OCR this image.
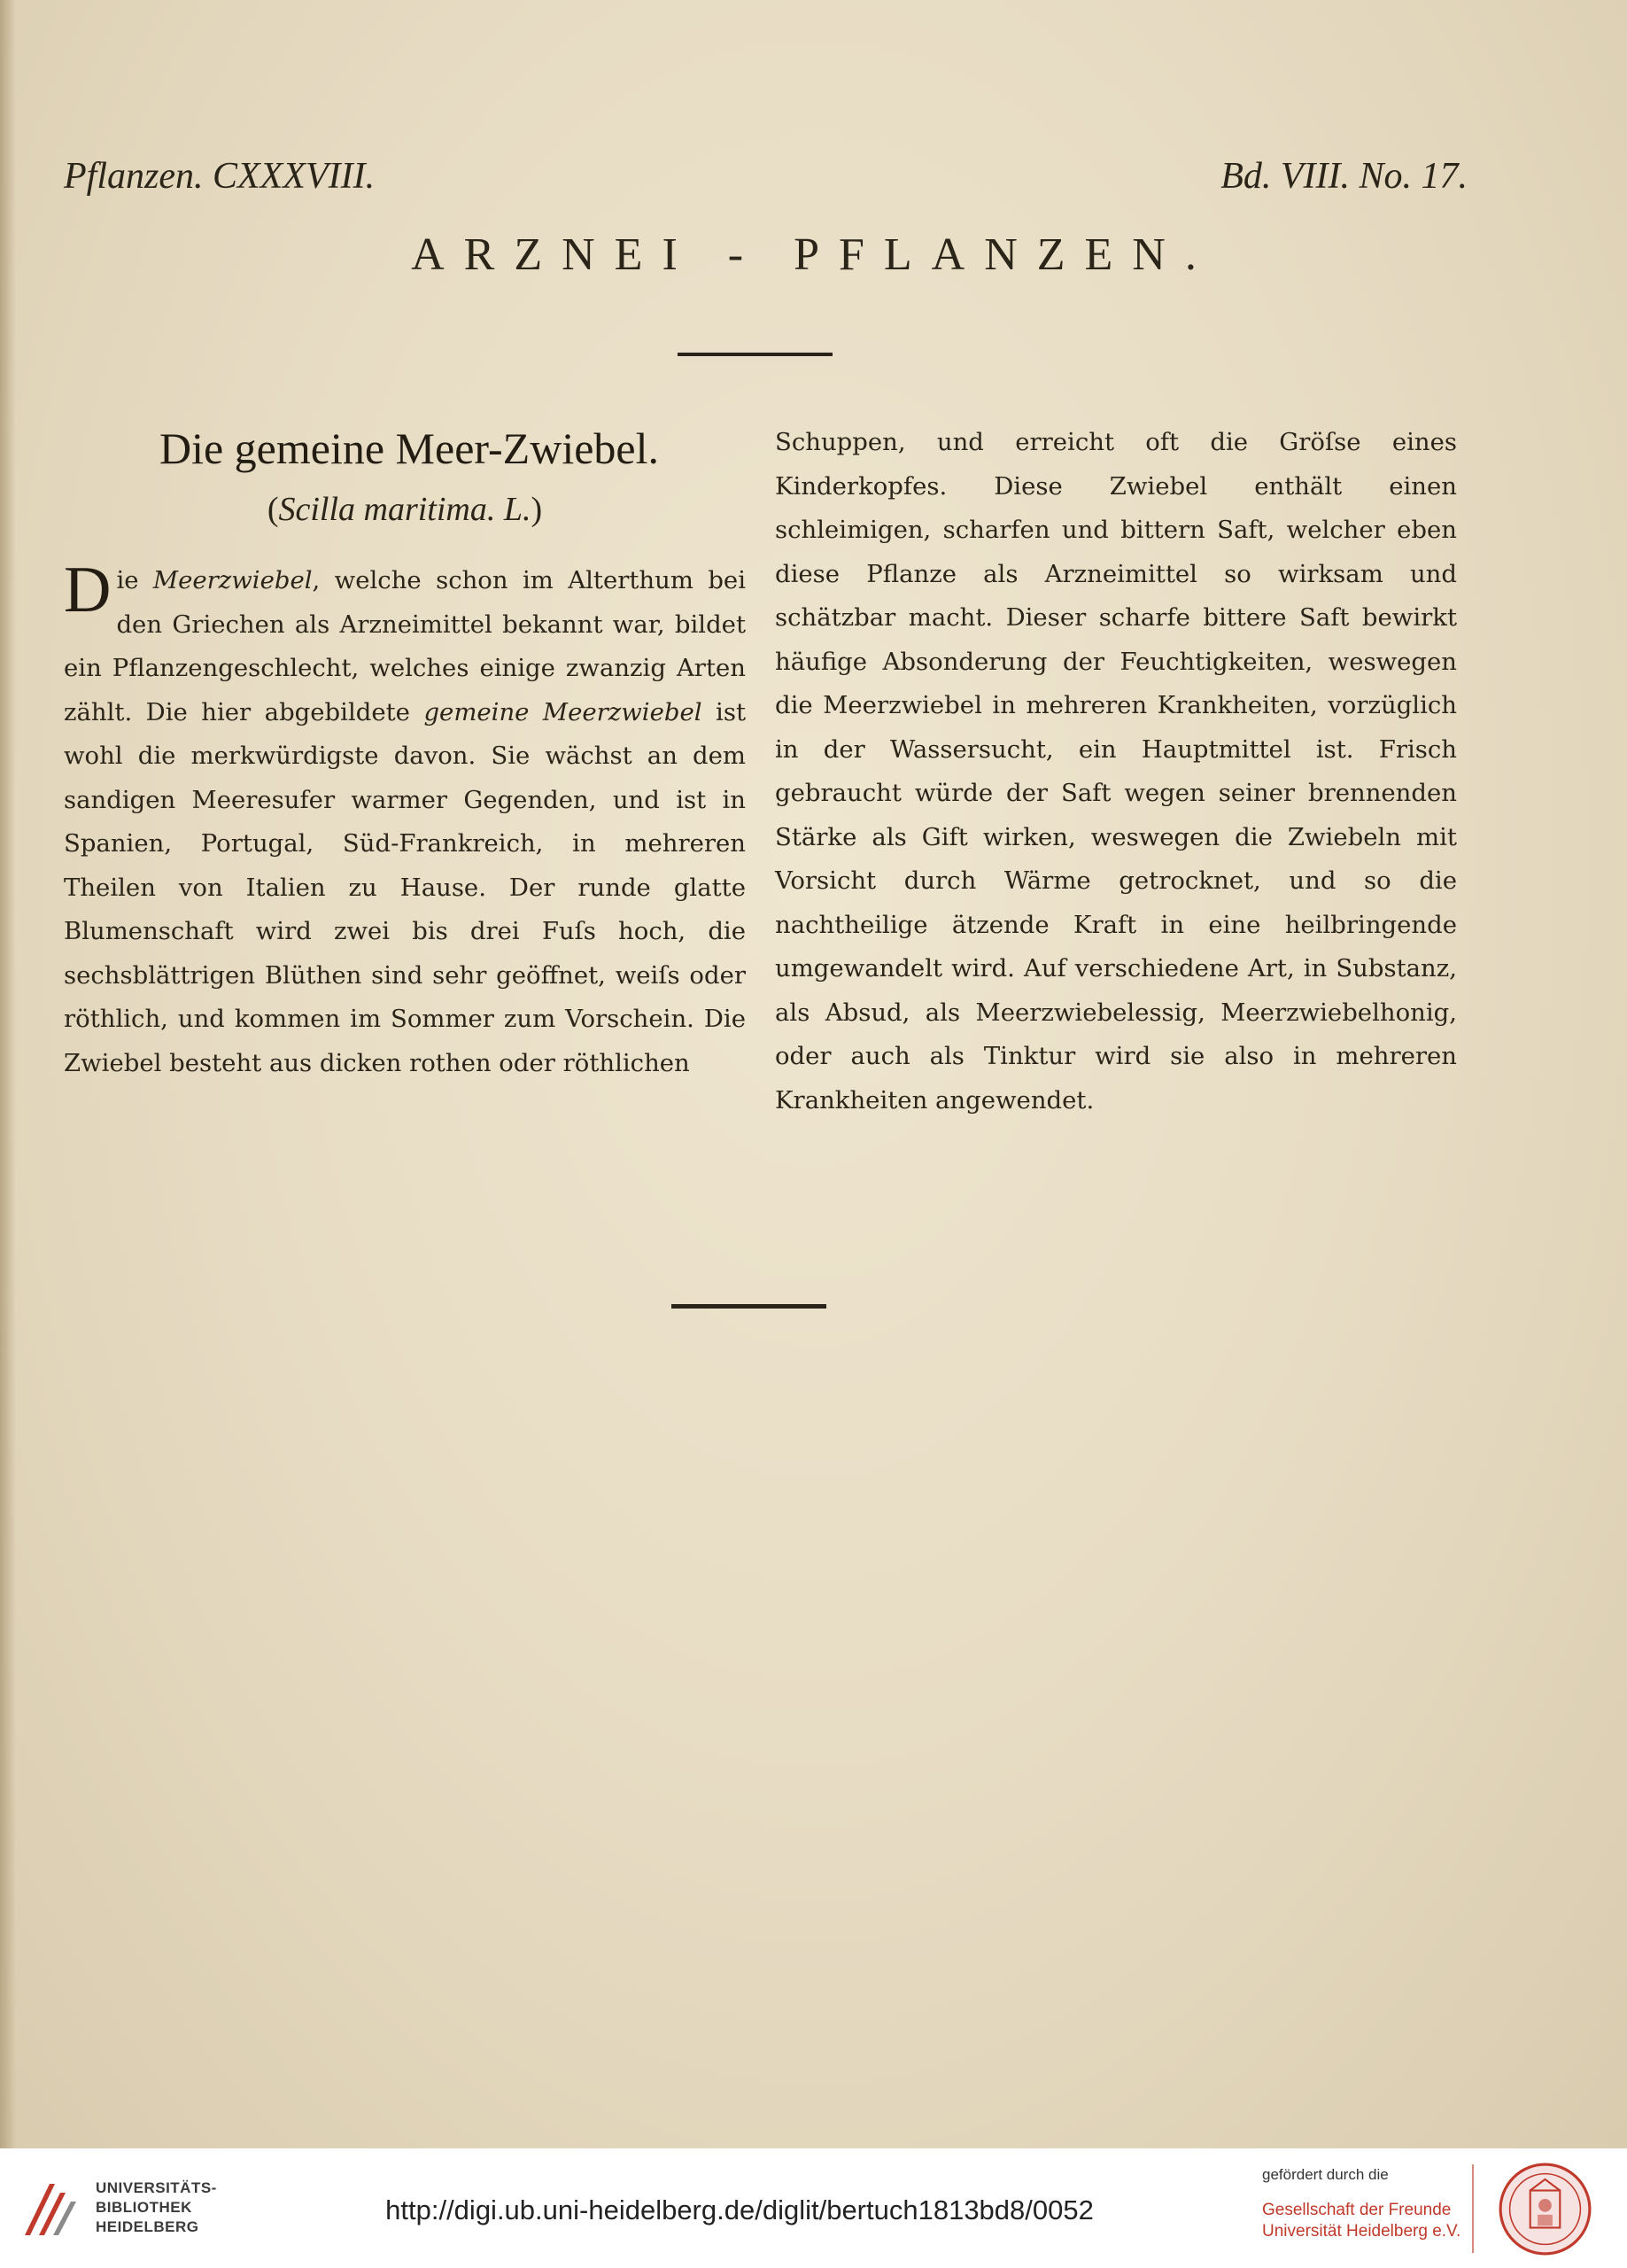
Pflanzen. CXXXVIII.	Bd. VIII. No. 17.
ARZNEI - PFLANZEN.
Die gemeine Meer-Zwiebel.
(Scilla maritima. L.)

Die Meerzwiebel, welche schon im Alterthum bei den Griechen als Arzneimittel bekannt war, bildet ein Pflanzengeschlecht, welches einige zwanzig Arten zählt. Die hier abgebildete gemeine Meerzwiebel ist wohl die merkwürdigste davon. Sie wächst an dem sandigen Meeresufer warmer Gegenden, und ist in Spanien, Portugal, Süd-Frankreich, in mehreren Theilen von Italien zu Hause. Der runde glatte Blumenschaft wird zwei bis drei Fuſs hoch, die sechsblättrigen Blüthen sind sehr geöffnet, weiſs oder röthlich, und kommen im Sommer zum Vorschein. Die Zwiebel besteht aus dicken rothen oder röthlichen

Schuppen, und erreicht oft die Gröſse eines Kinderkopfes. Diese Zwiebel enthält einen schleimigen, scharfen und bittern Saft, welcher eben diese Pflanze als Arzneimittel so wirksam und schätzbar macht. Dieser scharfe bittere Saft bewirkt häufige Absonderung der Feuchtigkeiten, weswegen die Meerzwiebel in mehreren Krankheiten, vorzüglich in der Wassersucht, ein Hauptmittel ist. Frisch gebraucht würde der Saft wegen seiner brennenden Stärke als Gift wirken, weswegen die Zwiebeln mit Vorsicht durch Wärme getrocknet, und so die nachtheilige ätzende Kraft in eine heilbringende umgewandelt wird. Auf verschiedene Art, in Substanz, als Absud, als Meerzwiebelessig, Meerzwiebelhonig, oder auch als Tinktur wird sie also in mehreren Krankheiten angewendet.

UNIVERSITÄTS-
BIBLIOTHEK
HEIDELBERG
http://digi.ub.uni-heidelberg.de/diglit/bertuch1813bd8/0052
gefördert durch die
Gesellschaft der Freunde
Universität Heidelberg e.V.
